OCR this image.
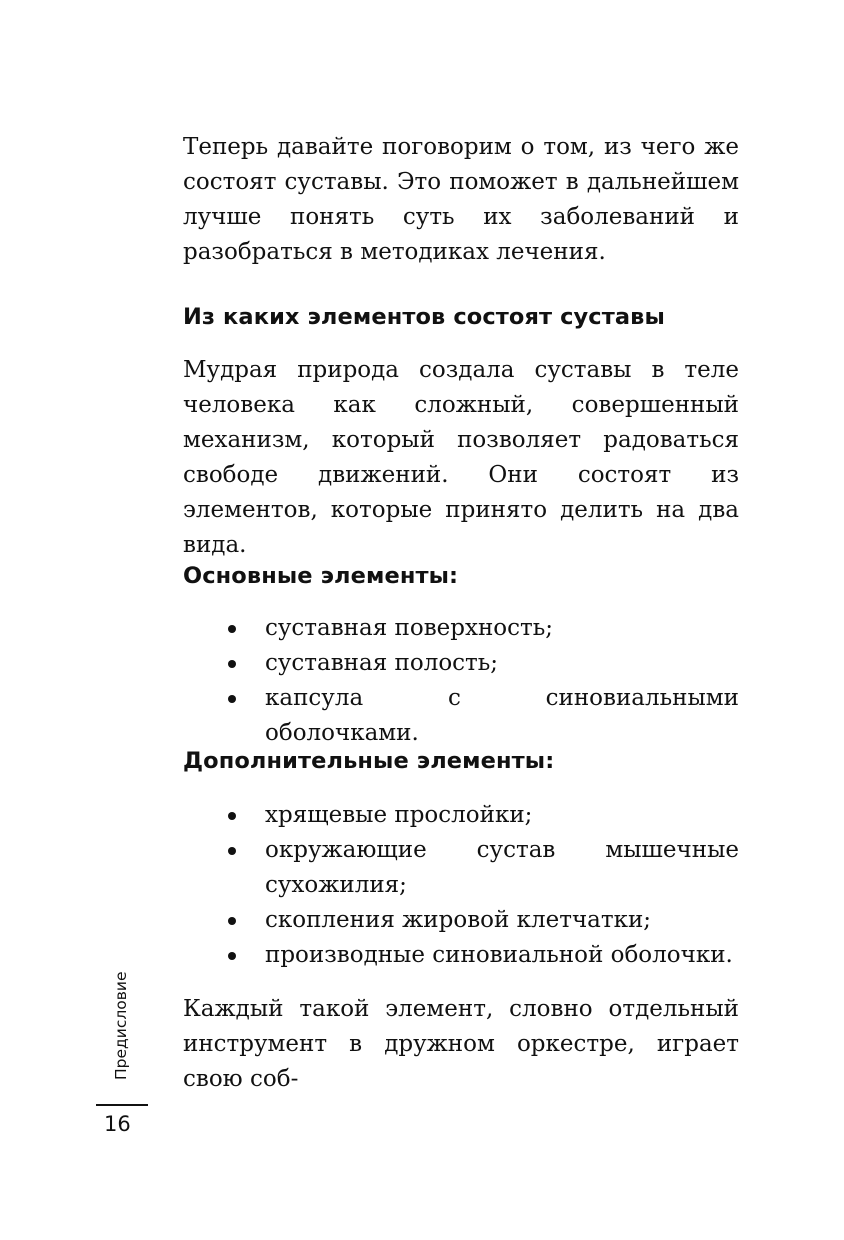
Теперь давайте поговорим о том, из чего же состоят суставы. Это поможет в дальнейшем лучше понять суть их заболеваний и разобраться в методиках лечения.

Из каких элементов состоят суставы

Мудрая природа создала суставы в теле человека как сложный, совершенный механизм, который позволяет радоваться свободе движений. Они состоят из элементов, которые принято делить на два вида.

Основные элементы:
суставная поверхность;
суставная полость;
капсула с синовиальными оболочками.
Дополнительные элементы:
хрящевые прослойки;
окружающие сустав мышечные сухожилия;
скопления жировой клетчатки;
производные синовиальной оболочки.

Каждый такой элемент, словно отдельный инструмент в дружном оркестре, играет свою соб-

Предисловие
16
